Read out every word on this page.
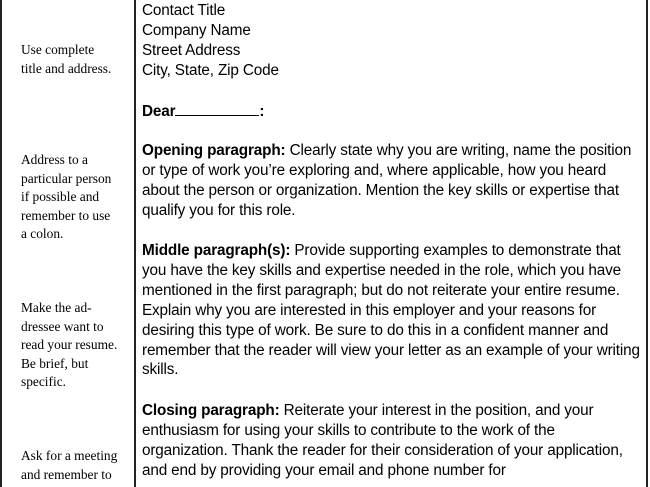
Use complete
title and address.
Address to a
particular person
if possible and
remember to use
a colon.
Make the ad-
dressee want to
read your resume.
Be brief, but
specific.
Ask for a meeting
and remember to
Contact Title
Company Name
Street Address
City, State, Zip Code
Dear	:
Opening paragraph: Clearly state why you are writing, name the position or type of work you’re exploring and, where applicable, how you heard about the person or organization. Mention the key skills or expertise that qualify you for this role.
Middle paragraph(s): Provide supporting examples to demonstrate that you have the key skills and expertise needed in the role, which you have mentioned in the first paragraph; but do not reiterate your entire resume. Explain why you are interested in this employer and your reasons for desiring this type of work. Be sure to do this in a confident manner and remember that the reader will view your letter as an example of your writing skills.
Closing paragraph: Reiterate your interest in the position, and your enthusiasm for using your skills to contribute to the work of the organization. Thank the reader for their consideration of your application, and end by providing your email and phone number for
